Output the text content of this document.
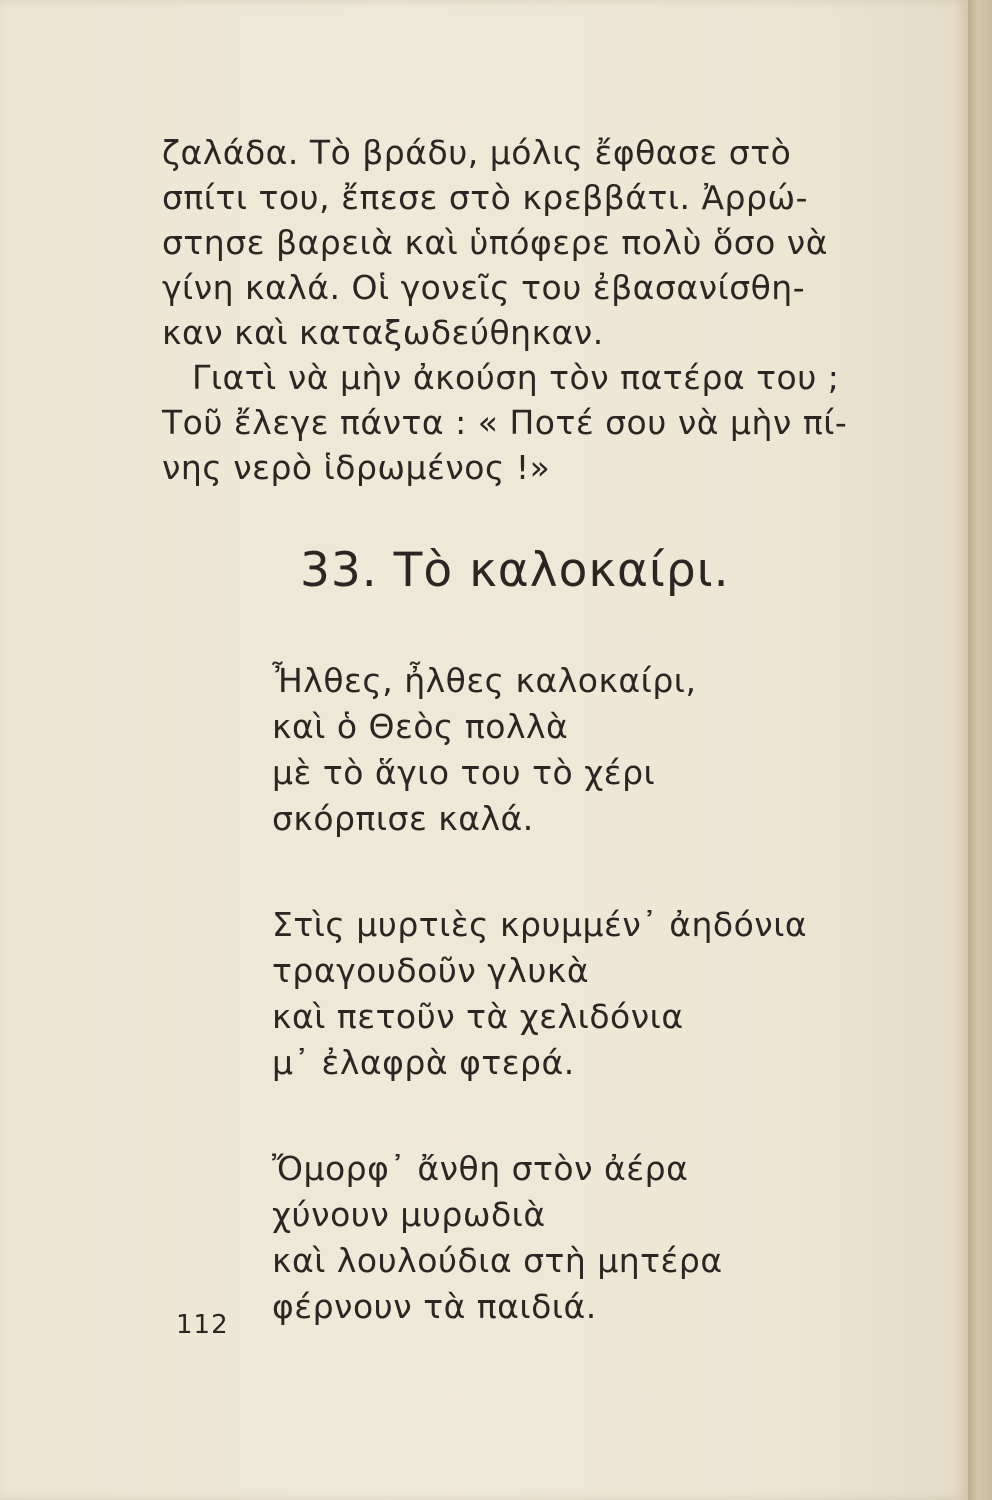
ζαλάδα. Τὸ βράδυ, μόλις ἔφθασε στὸ
σπίτι του, ἔπεσε στὸ κρεββάτι. Ἀρρώ-
στησε βαρειὰ καὶ ὑπόφερε πολὺ ὅσο νὰ
γίνη καλά. Οἱ γονεῖς του ἐβασανίσθη-
καν καὶ καταξωδεύθηκαν.

Γιατὶ νὰ μὴν ἀκούση τὸν πατέρα του ;
Τοῦ ἔλεγε πάντα : « Ποτέ σου νὰ μὴν πί-
νης νερὸ ἱδρωμένος !»

33. Τὸ καλοκαίρι.
Ἦλθες, ἦλθες καλοκαίρι,
καὶ ὁ Θεὸς πολλὰ
μὲ τὸ ἅγιο του τὸ χέρι
σκόρπισε καλά.
Στὶς μυρτιὲς κρυμμέν᾿ ἀηδόνια
τραγουδοῦν γλυκὰ
καὶ πετοῦν τὰ χελιδόνια
μ᾿ ἐλαφρὰ φτερά.
Ὄμορφ᾿ ἄνθη στὸν ἀέρα
χύνουν μυρωδιὰ
καὶ λουλούδια στὴ μητέρα
φέρνουν τὰ παιδιά.
112
